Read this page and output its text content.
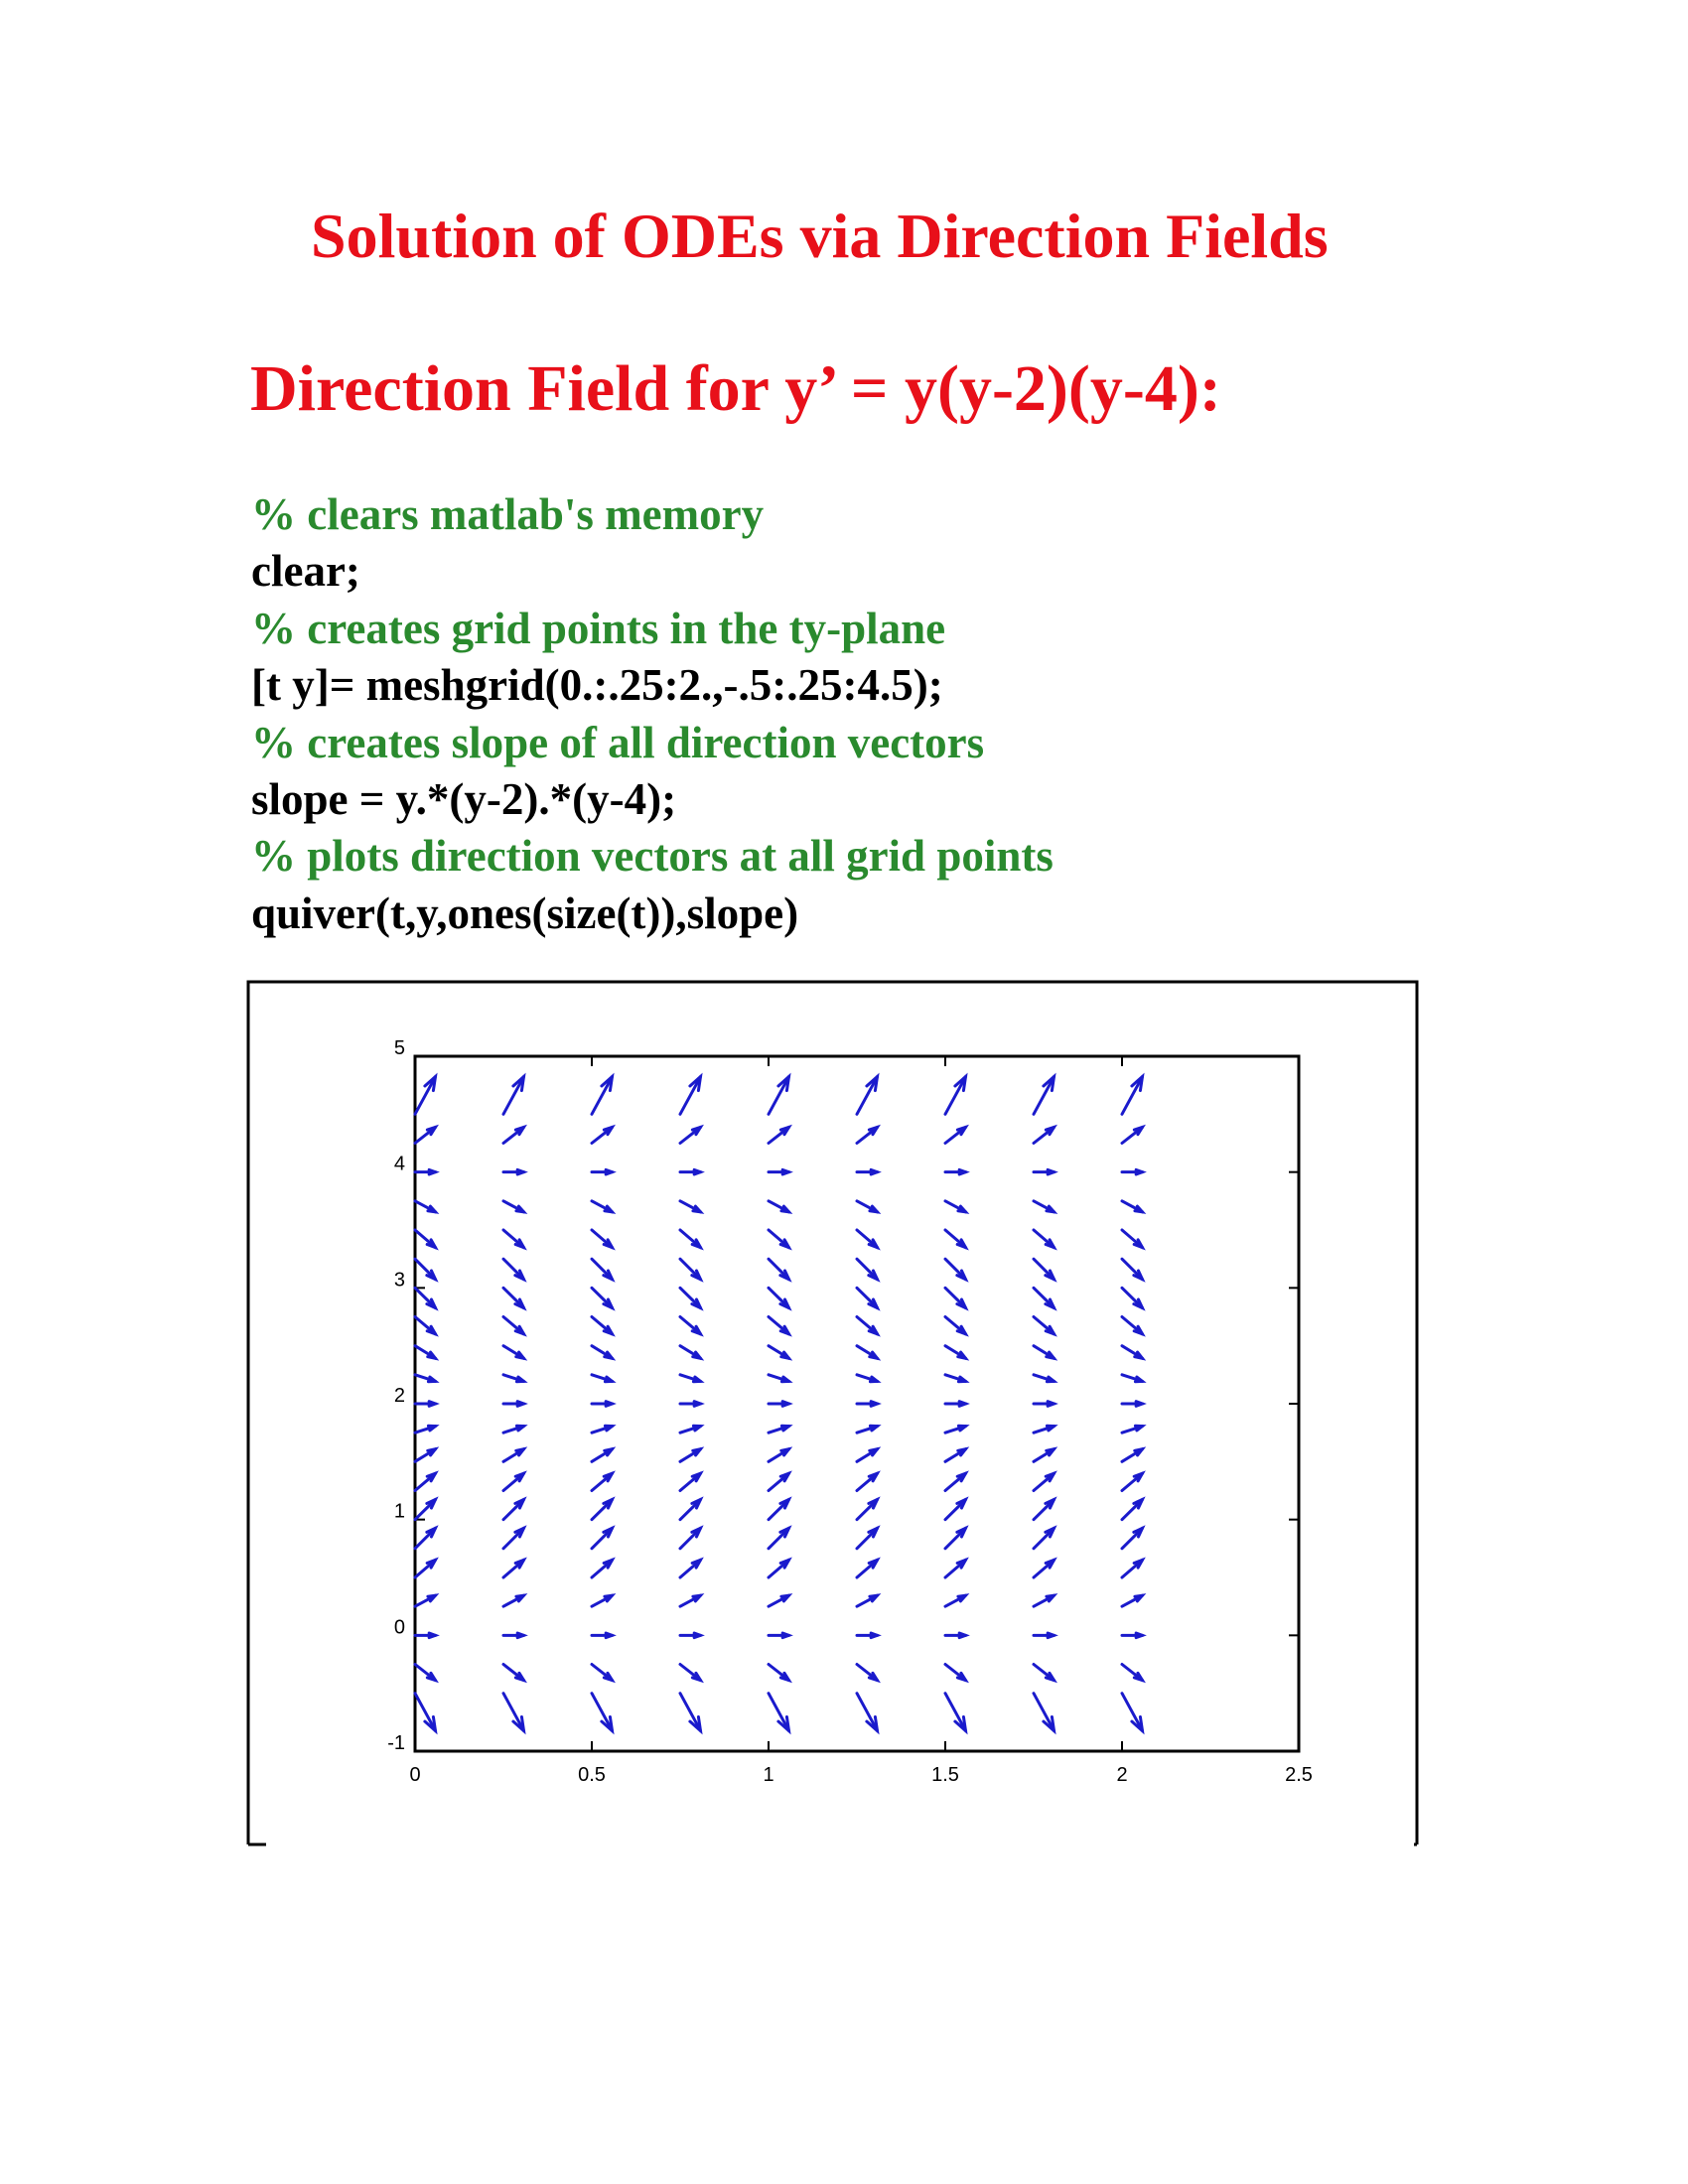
Solution of ODEs via Direction Fields
Direction Field for y’ = y(y-2)(y-4):
% clears matlab's memory
clear;
% creates grid points in the ty-plane
[t y]= meshgrid(0.:.25:2.,-.5:.25:4.5);
% creates slope of all direction vectors
slope = y.*(y-2).*(y-4);
% plots direction vectors at all grid points
quiver(t,y,ones(size(t)),slope)
0	0.5	1	1.5	2	2.5
-1
0
1
2
3
4
5
